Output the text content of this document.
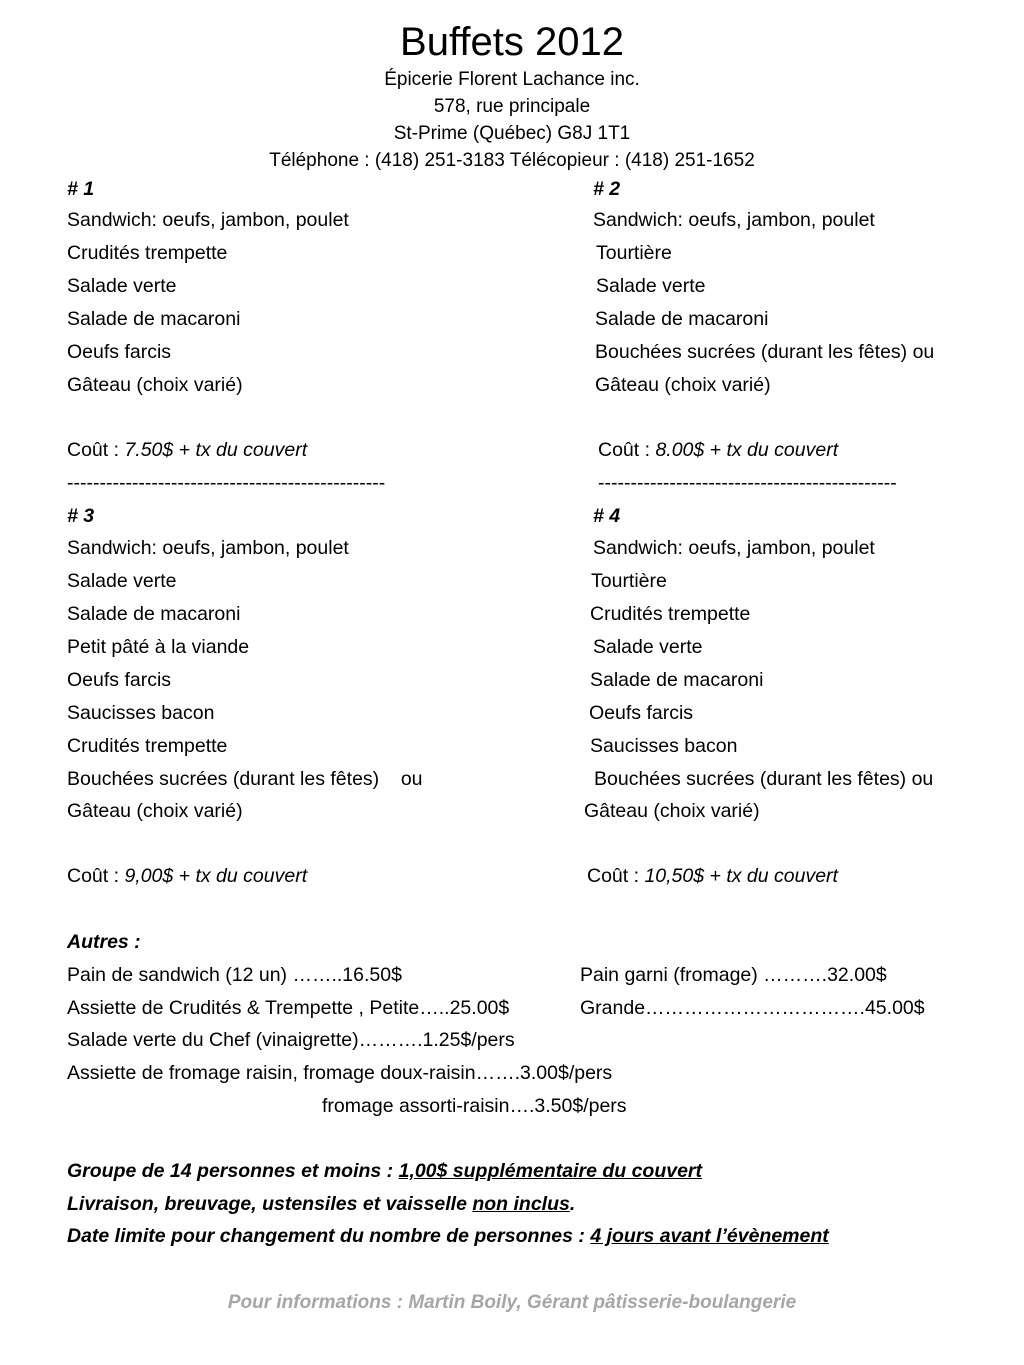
Buffets 2012
Épicerie Florent Lachance inc.
578, rue principale
St-Prime (Québec) G8J 1T1
Téléphone : (418) 251-3183 Télécopieur : (418) 251-1652
# 1
Sandwich: oeufs, jambon, poulet
Crudités trempette
Salade verte
Salade de macaroni
Oeufs farcis
Gâteau (choix varié)
Coût : 7.50$ + tx du couvert
-------------------------------------------------
# 2
Sandwich: oeufs, jambon, poulet
Tourtière
Salade verte
Salade de macaroni
Bouchées sucrées (durant les fêtes) ou
Gâteau (choix varié)
Coût : 8.00$ + tx du couvert
----------------------------------------------
# 3
Sandwich: oeufs, jambon, poulet
Salade verte
Salade de macaroni
Petit pâté à la viande
Oeufs farcis
Saucisses bacon
Crudités trempette
Bouchées sucrées (durant les fêtes)    ou
Gâteau (choix varié)
Coût : 9,00$ + tx du couvert
# 4
Sandwich: oeufs, jambon, poulet
Tourtière
Crudités trempette
Salade verte
Salade de macaroni
Oeufs farcis
Saucisses bacon
Bouchées sucrées (durant les fêtes) ou
Gâteau (choix varié)
Coût : 10,50$ + tx du couvert
Autres :
Pain de sandwich (12 un) ……..16.50$	Pain garni (fromage) ……….32.00$
Assiette de Crudités & Trempette , Petite…..25.00$	Grande…………………………….45.00$
Salade verte du Chef (vinaigrette)……….1.25$/pers
Assiette de fromage raisin, fromage doux-raisin…….3.00$/pers
fromage assorti-raisin….3.50$/pers
Groupe de 14 personnes et moins : 1,00$ supplémentaire du couvert
Livraison, breuvage, ustensiles et vaisselle non inclus.
Date limite pour changement du nombre de personnes : 4 jours avant l’évènement
Pour informations : Martin Boily, Gérant pâtisserie-boulangerie
